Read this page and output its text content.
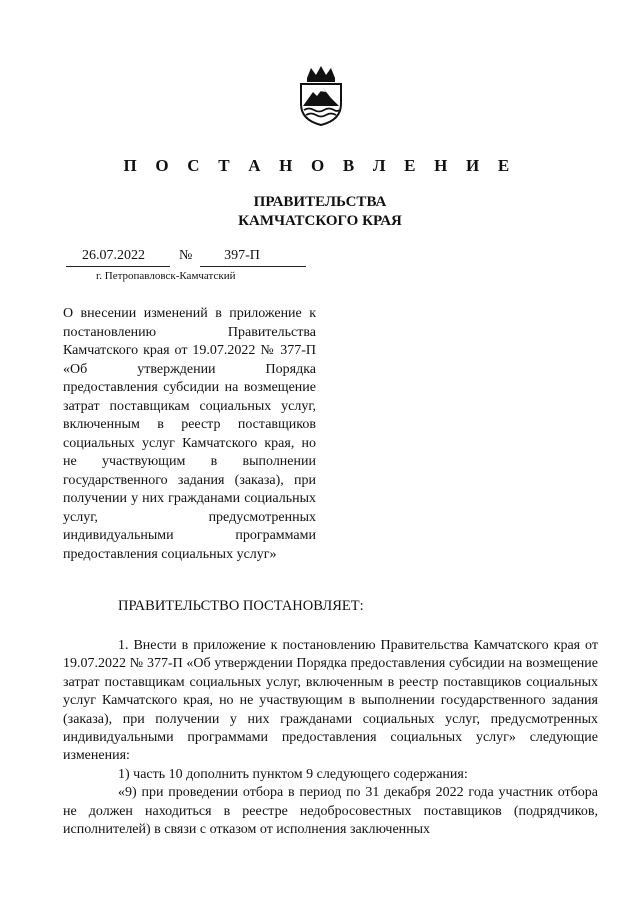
П О С Т А Н О В Л Е Н И Е
ПРАВИТЕЛЬСТВА
КАМЧАТСКОГО КРАЯ
26.07.2022	№	397-П
г. Петропавловск-Камчатский
О внесении изменений в приложение к постановлению Правительства Камчатского края от 19.07.2022 № 377-П «Об утверждении Порядка предоставления субсидии на возмещение затрат поставщикам социальных услуг, включенным в реестр поставщиков социальных услуг Камчатского края, но не участвующим в выполнении государственного задания (заказа), при получении у них гражданами социальных услуг, предусмотренных индивидуальными программами
предоставления социальных услуг»
ПРАВИТЕЛЬСТВО ПОСТАНОВЛЯЕТ:

1. Внести в приложение к постановлению Правительства Камчатского края от 19.07.2022 № 377-П «Об утверждении Порядка предоставления субсидии на возмещение затрат поставщикам социальных услуг, включенным в реестр поставщиков социальных услуг Камчатского края, но не участвующим в выполнении государственного задания (заказа), при получении у них гражданами социальных услуг, предусмотренных индивидуальными программами предоставления социальных услуг» следующие изменения:

1) часть 10 дополнить пунктом 9 следующего содержания:

«9) при проведении отбора в период по 31 декабря 2022 года участник отбора не должен находиться в реестре недобросовестных поставщиков (подрядчиков, исполнителей) в связи с отказом от исполнения заключенных
